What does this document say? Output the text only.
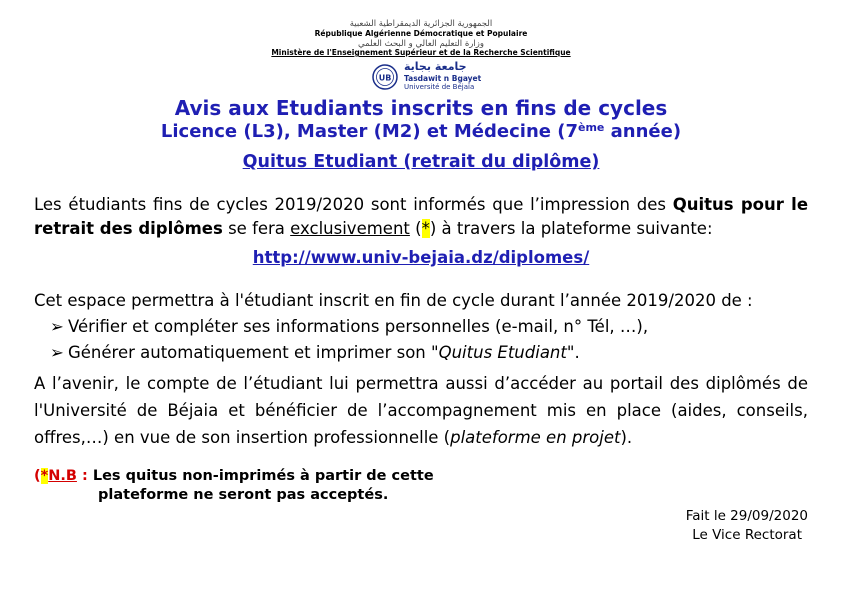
الجمهورية الجزائرية الديمقراطية الشعبية
République Algérienne Démocratique et Populaire
وزارة التعليم العالي و البحث العلمي
Ministère de l'Enseignement Supérieur et de la Recherche Scientifique
UB
جامعة بجاية
Tasdawit n Bgayet
Université de Béjaïa
Avis aux Etudiants inscrits en fins de cycles
Licence (L3), Master (M2) et Médecine (7ème année)
Quitus Etudiant (retrait du diplôme)
Les étudiants fins de cycles 2019/2020 sont informés que l’impression des Quitus pour le retrait des diplômes se fera exclusivement (*) à travers la plateforme suivante:
http://www.univ-bejaia.dz/diplomes/
Cet espace permettra à l'étudiant inscrit en fin de cycle durant l’année 2019/2020 de :
➢ Vérifier et compléter ses informations personnelles (e-mail, n° Tél, …),
➢ Générer automatiquement et imprimer son "Quitus Etudiant".
A l’avenir, le compte de l’étudiant lui permettra aussi d’accéder au portail des diplômés de l'Université de Béjaia et bénéficier de l’accompagnement mis en place (aides, conseils, offres,…) en vue de son insertion professionnelle (plateforme en projet).
(*N.B : Les quitus non-imprimés à partir de cette
plateforme ne seront pas acceptés.
Fait le 29/09/2020
Le Vice Rectorat
